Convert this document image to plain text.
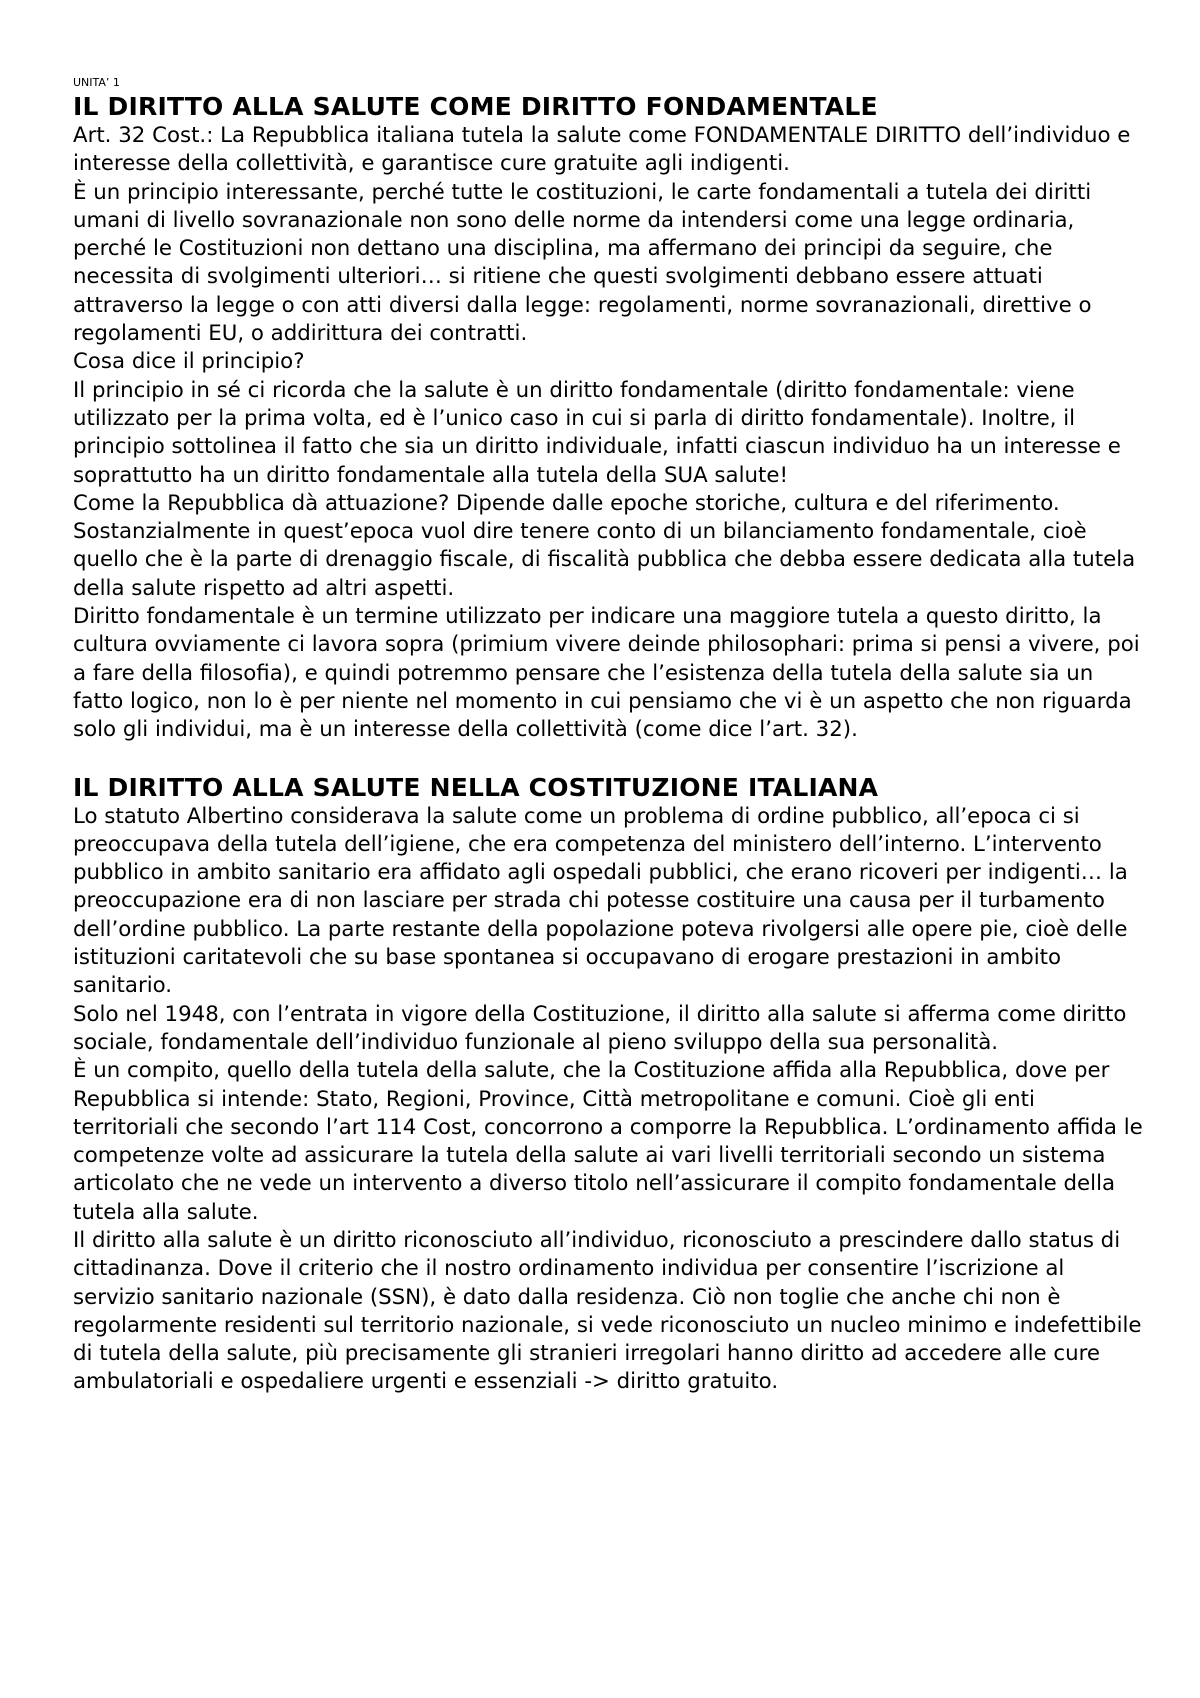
UNITA’ 1
IL DIRITTO ALLA SALUTE COME DIRITTO FONDAMENTALE

Art. 32 Cost.: La Repubblica italiana tutela la salute come FONDAMENTALE DIRITTO dell’individuo e interesse della collettività, e garantisce cure gratuite agli indigenti.

È un principio interessante, perché tutte le costituzioni, le carte fondamentali a tutela dei diritti umani di livello sovranazionale non sono delle norme da intendersi come una legge ordinaria, perché le Costituzioni non dettano una disciplina, ma affermano dei principi da seguire, che necessita di svolgimenti ulteriori… si ritiene che questi svolgimenti debbano essere attuati attraverso la legge o con atti diversi dalla legge: regolamenti, norme sovranazionali, direttive o regolamenti EU, o addirittura dei contratti.

Cosa dice il principio?

Il principio in sé ci ricorda che la salute è un diritto fondamentale (diritto fondamentale: viene utilizzato per la prima volta, ed è l’unico caso in cui si parla di diritto fondamentale). Inoltre, il principio sottolinea il fatto che sia un diritto individuale, infatti ciascun individuo ha un interesse e soprattutto ha un diritto fondamentale alla tutela della SUA salute!

Come la Repubblica dà attuazione? Dipende dalle epoche storiche, cultura e del riferimento. Sostanzialmente in quest’epoca vuol dire tenere conto di un bilanciamento fondamentale, cioè quello che è la parte di drenaggio fiscale, di fiscalità pubblica che debba essere dedicata alla tutela della salute rispetto ad altri aspetti.

Diritto fondamentale è un termine utilizzato per indicare una maggiore tutela a questo diritto, la cultura ovviamente ci lavora sopra (primium vivere deinde philosophari: prima si pensi a vivere, poi a fare della filosofia), e quindi potremmo pensare che l’esistenza della tutela della salute sia un fatto logico, non lo è per niente nel momento in cui pensiamo che vi è un aspetto che non riguarda solo gli individui, ma è un interesse della collettività (come dice l’art. 32).

IL DIRITTO ALLA SALUTE NELLA COSTITUZIONE ITALIANA

Lo statuto Albertino considerava la salute come un problema di ordine pubblico, all’epoca ci si preoccupava della tutela dell’igiene, che era competenza del ministero dell’interno. L’intervento pubblico in ambito sanitario era affidato agli ospedali pubblici, che erano ricoveri per indigenti… la preoccupazione era di non lasciare per strada chi potesse costituire una causa per il turbamento dell’ordine pubblico. La parte restante della popolazione poteva rivolgersi alle opere pie, cioè delle istituzioni caritatevoli che su base spontanea si occupavano di erogare prestazioni in ambito sanitario.

Solo nel 1948, con l’entrata in vigore della Costituzione, il diritto alla salute si afferma come diritto sociale, fondamentale dell’individuo funzionale al pieno sviluppo della sua personalità.

È un compito, quello della tutela della salute, che la Costituzione affida alla Repubblica, dove per Repubblica si intende: Stato, Regioni, Province, Città metropolitane e comuni. Cioè gli enti territoriali che secondo l’art 114 Cost, concorrono a comporre la Repubblica. L’ordinamento affida le competenze volte ad assicurare la tutela della salute ai vari livelli territoriali secondo un sistema articolato che ne vede un intervento a diverso titolo nell’assicurare il compito fondamentale della tutela alla salute.

Il diritto alla salute è un diritto riconosciuto all’individuo, riconosciuto a prescindere dallo status di cittadinanza. Dove il criterio che il nostro ordinamento individua per consentire l’iscrizione al servizio sanitario nazionale (SSN), è dato dalla residenza. Ciò non toglie che anche chi non è regolarmente residenti sul territorio nazionale, si vede riconosciuto un nucleo minimo e indefettibile di tutela della salute, più precisamente gli stranieri irregolari hanno diritto ad accedere alle cure ambulatoriali e ospedaliere urgenti e essenziali -> diritto gratuito.
